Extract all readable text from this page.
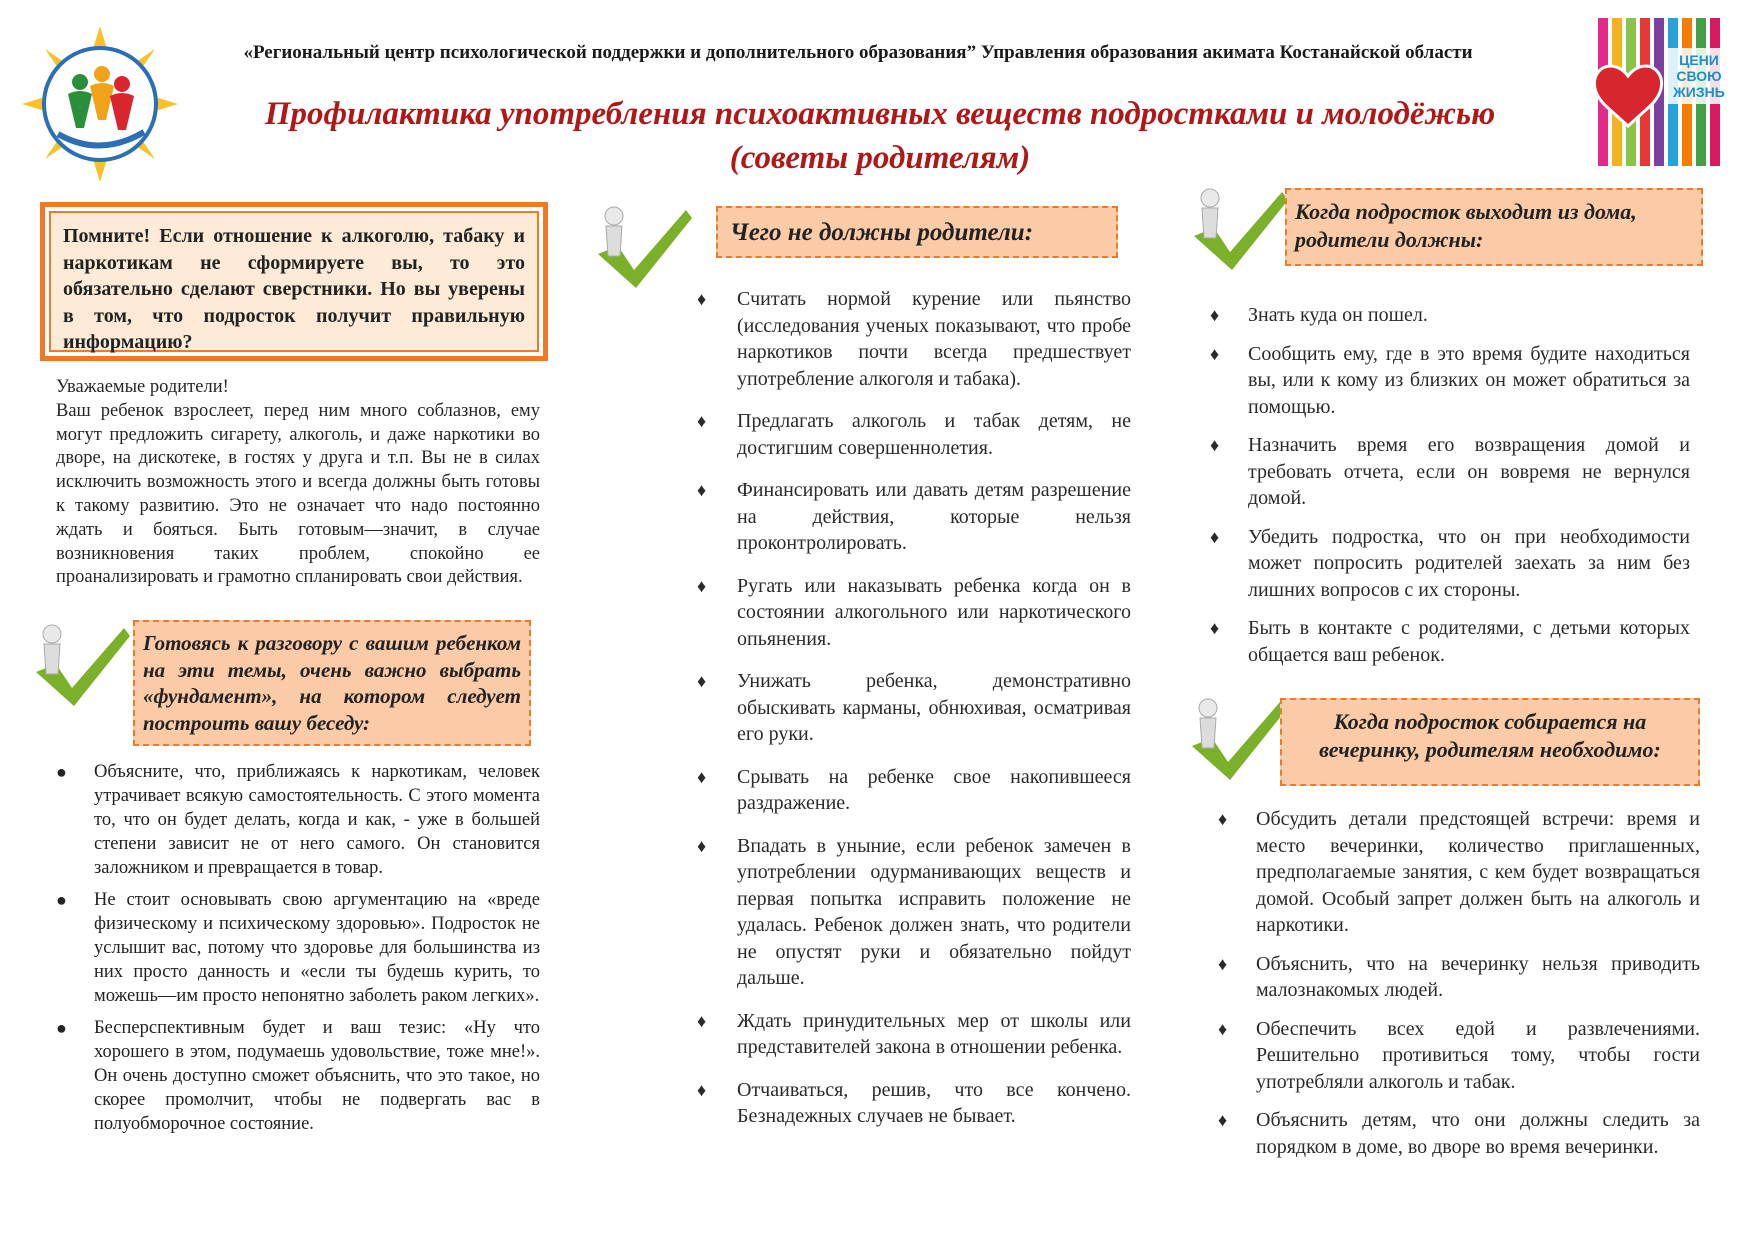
«Региональный центр психологической поддержки и дополнительного образования” Управления образования акимата Костанайской области
Профилактика употребления психоактивных веществ подростками и молодёжью
(советы родителям)
ЦЕНИ СВОЮ ЖИЗНЬ
Помните! Если отношение к алкоголю, табаку и наркотикам не сформируете вы, то это обязательно сделают сверстники. Но вы уверены в том, что подросток получит правильную информацию?
Уважаемые родители!
Ваш ребенок взрослеет, перед ним много соблазнов, ему могут предложить сигарету, алкоголь, и даже наркотики во дворе, на дискотеке, в гостях у друга и т.п. Вы не в силах исключить возможность этого и всегда должны быть готовы к такому развитию. Это не означает что надо постоянно ждать и бояться. Быть готовым—значит, в случае возникновения таких проблем, спокойно ее проанализировать и грамотно спланировать свои действия.
Готовясь к разговору с вашим ребенком на эти темы, очень важно выбрать «фундамент», на котором следует построить вашу беседу:
● Объясните, что, приближаясь к наркотикам, человек утрачивает всякую самостоятельность. С этого момента то, что он будет делать, когда и как, - уже в большей степени зависит не от него самого. Он становится заложником и превращается в товар.
● Не стоит основывать свою аргументацию на «вреде физическому и психическому здоровью». Подросток не услышит вас, потому что здоровье для большинства из них просто данность и «если ты будешь курить, то можешь—им просто непонятно заболеть раком легких».
● Бесперспективным будет и ваш тезис: «Ну что хорошего в этом, подумаешь удовольствие, тоже мне!». Он очень доступно сможет объяснить, что это такое, но скорее промолчит, чтобы не подвергать вас в полуобморочное состояние.
Чего не должны родители:
♦ Считать нормой курение или пьянство (исследования ученых показывают, что пробе наркотиков почти всегда предшествует употребление алкоголя и табака).
♦ Предлагать алкоголь и табак детям, не достигшим совершеннолетия.
♦ Финансировать или давать детям разрешение на действия, которые нельзя проконтролировать.
♦ Ругать или наказывать ребенка когда он в состоянии алкогольного или наркотического опьянения.
♦ Унижать ребенка, демонстративно обыскивать карманы, обнюхивая, осматривая его руки.
♦ Срывать на ребенке свое накопившееся раздражение.
♦ Впадать в уныние, если ребенок замечен в употреблении одурманивающих веществ и первая попытка исправить положение не удалась. Ребенок должен знать, что родители не опустят руки и обязательно пойдут дальше.
♦ Ждать принудительных мер от школы или представителей закона в отношении ребенка.
♦ Отчаиваться, решив, что все кончено. Безнадежных случаев не бывает.
Когда подросток выходит из дома, родители должны:
♦ Знать куда он пошел.
♦ Сообщить ему, где в это время будите находиться вы, или к кому из близких он может обратиться за помощью.
♦ Назначить время его возвращения домой и требовать отчета, если он вовремя не вернулся домой.
♦ Убедить подростка, что он при необходимости может попросить родителей заехать за ним без лишних вопросов с их стороны.
♦ Быть в контакте с родителями, с детьми которых общается ваш ребенок.
Когда подросток собирается на вечеринку, родителям необходимо:
♦ Обсудить детали предстоящей встречи: время и место вечеринки, количество приглашенных, предполагаемые занятия, с кем будет возвращаться домой. Особый запрет должен быть на алкоголь и наркотики.
♦ Объяснить, что на вечеринку нельзя приводить малознакомых людей.
♦ Обеспечить всех едой и развлечениями. Решительно противиться тому, чтобы гости употребляли алкоголь и табак.
♦ Объяснить детям, что они должны следить за порядком в доме, во дворе во время вечеринки.
